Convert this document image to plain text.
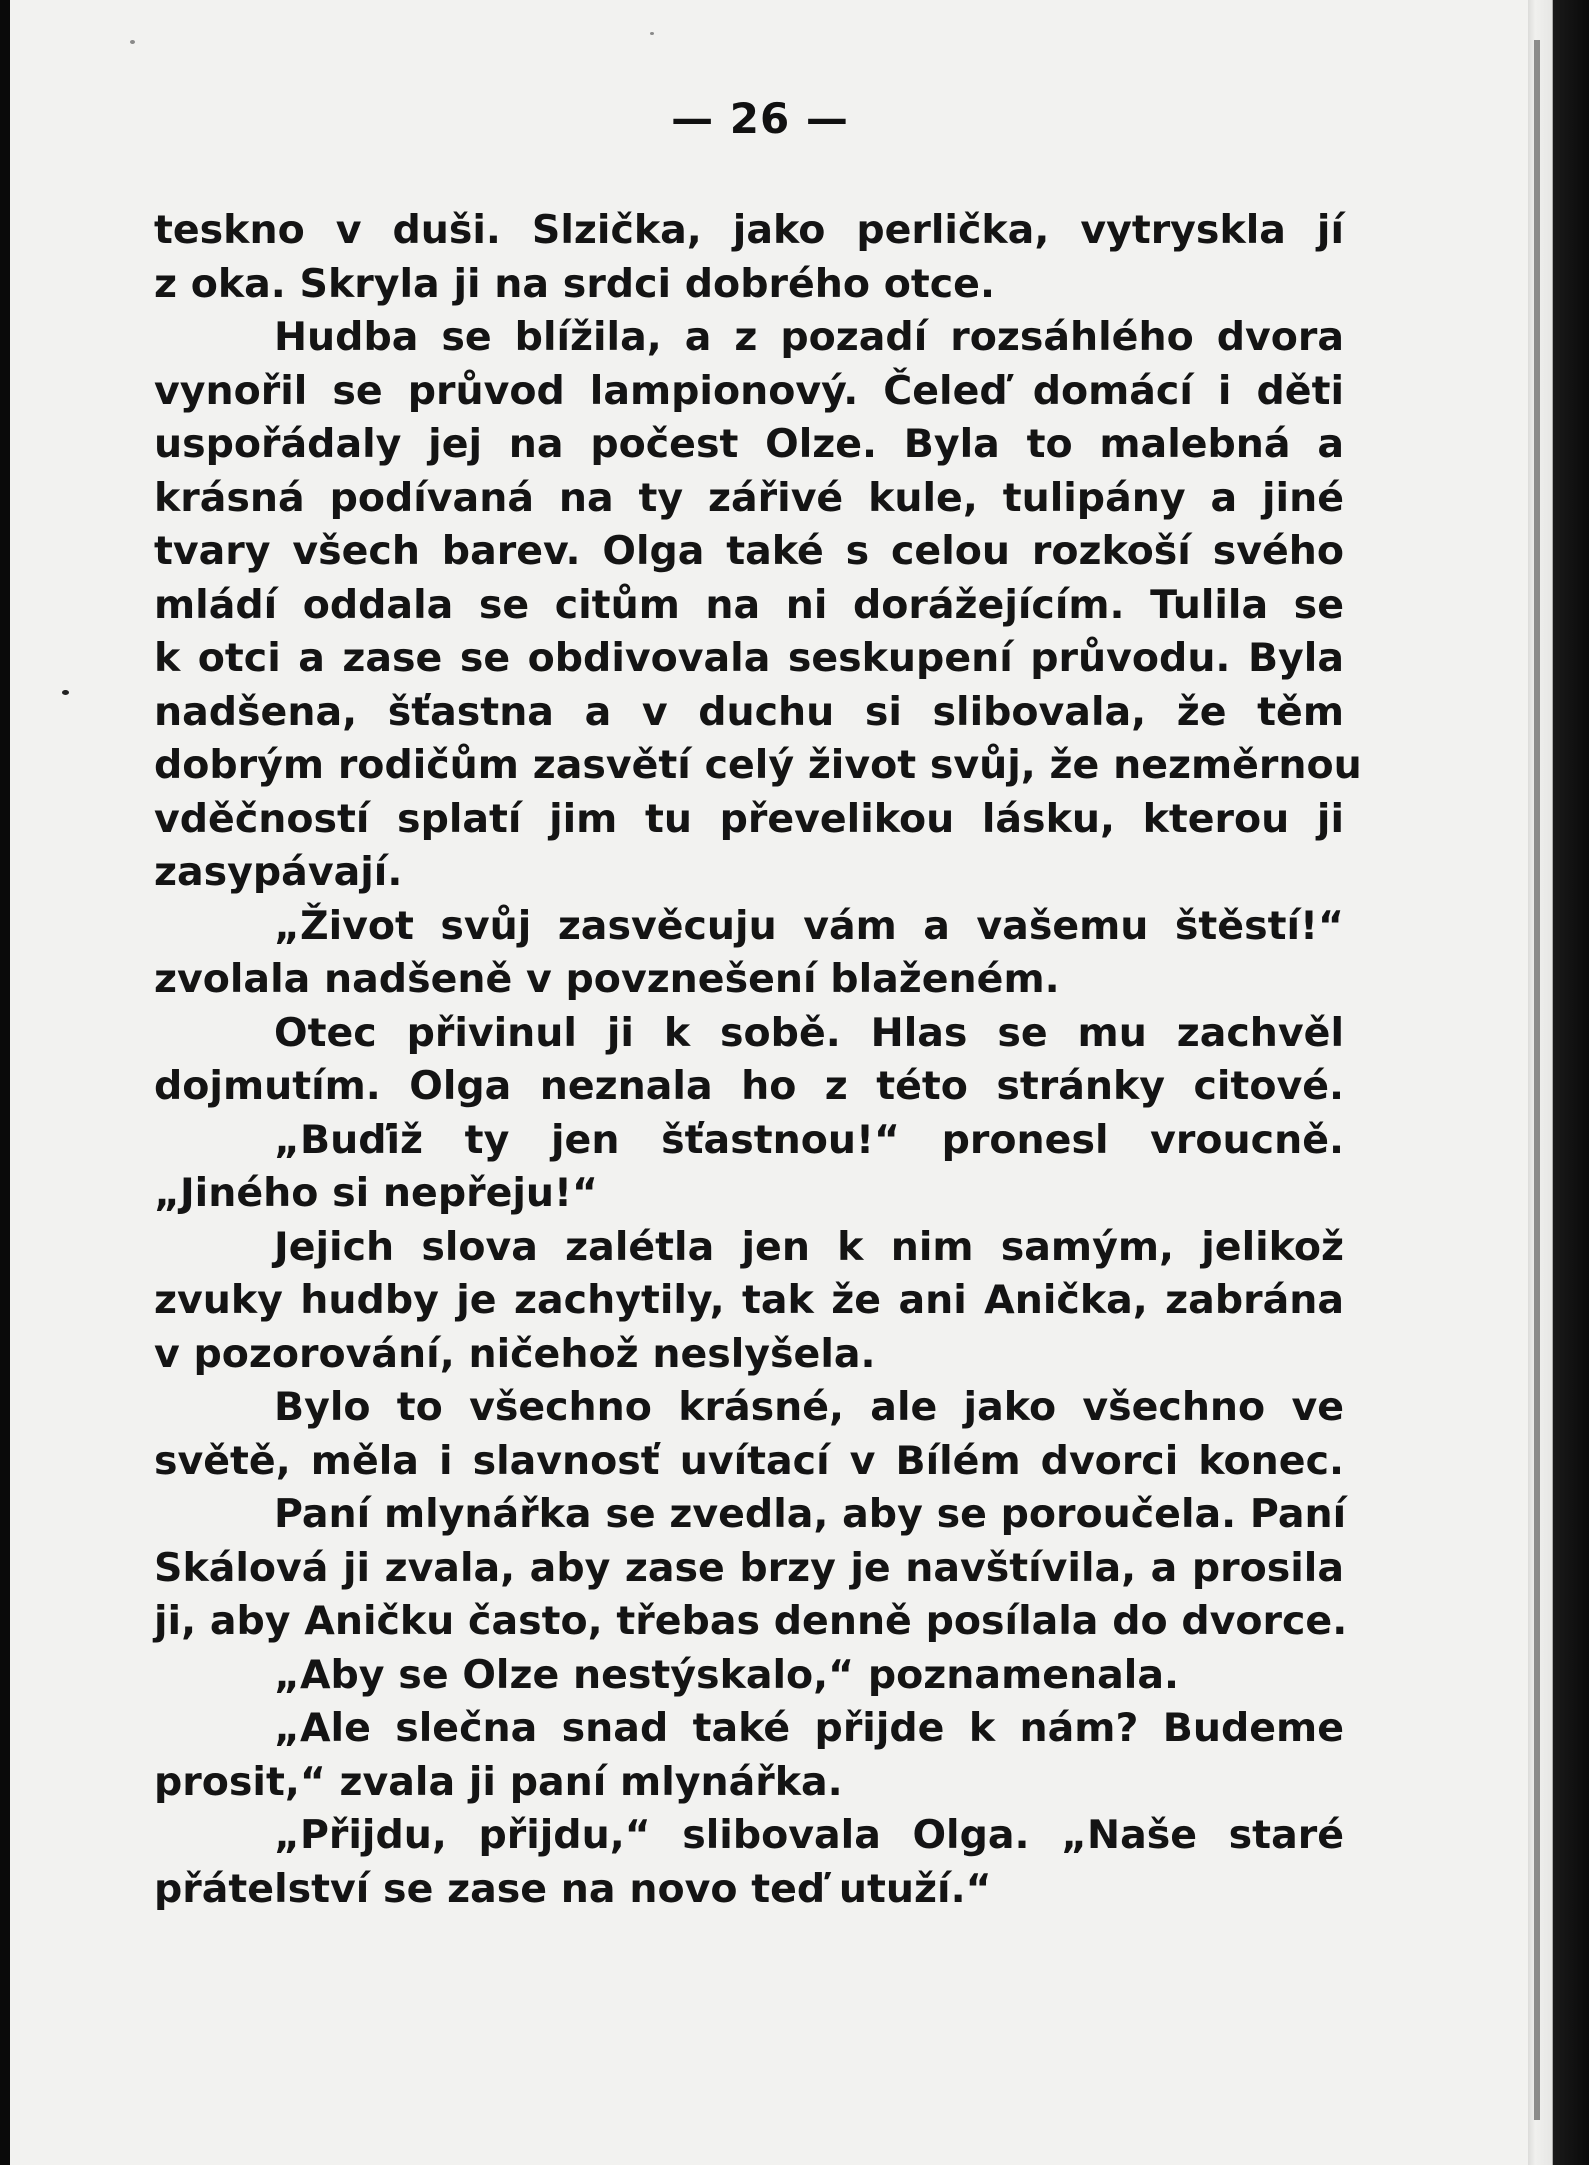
— 26 —
teskno v duši. Slzička, jako perlička, vytryskla jí
z oka. Skryla ji na srdci dobrého otce.
Hudba se blížila, a z pozadí rozsáhlého dvora
vynořil se průvod lampionový. Čeleď domácí i děti
uspořádaly jej na počest Olze. Byla to malebná a
krásná podívaná na ty zářivé kule, tulipány a jiné
tvary všech barev. Olga také s celou rozkoší svého
mládí oddala se citům na ni dorážejícím. Tulila se
k otci a zase se obdivovala seskupení průvodu. Byla
nadšena, šťastna a v duchu si slibovala, že těm
dobrým rodičům zasvětí celý život svůj, že nezměrnou
vděčností splatí jim tu převelikou lásku, kterou ji
zasypávají.
„Život svůj zasvěcuju vám a vašemu štěstí!“
zvolala nadšeně v povznešení blaženém.
Otec přivinul ji k sobě. Hlas se mu zachvěl
dojmutím. Olga neznala ho z této stránky citové.
„Buďiž ty jen šťastnou!“ pronesl vroucně.
„Jiného si nepřeju!“
Jejich slova zalétla jen k nim samým, jelikož
zvuky hudby je zachytily, tak že ani Anička, zabrána
v pozorování, ničehož neslyšela.
Bylo to všechno krásné, ale jako všechno ve
světě, měla i slavnosť uvítací v Bílém dvorci konec.
Paní mlynářka se zvedla, aby se poroučela. Paní
Skálová ji zvala, aby zase brzy je navštívila, a prosila
ji, aby Aničku často, třebas denně posílala do dvorce.
„Aby se Olze nestýskalo,“ poznamenala.
„Ale slečna snad také přijde k nám? Budeme
prosit,“ zvala ji paní mlynářka.
„Přijdu, přijdu,“ slibovala Olga. „Naše staré
přátelství se zase na novo teď utuží.“
